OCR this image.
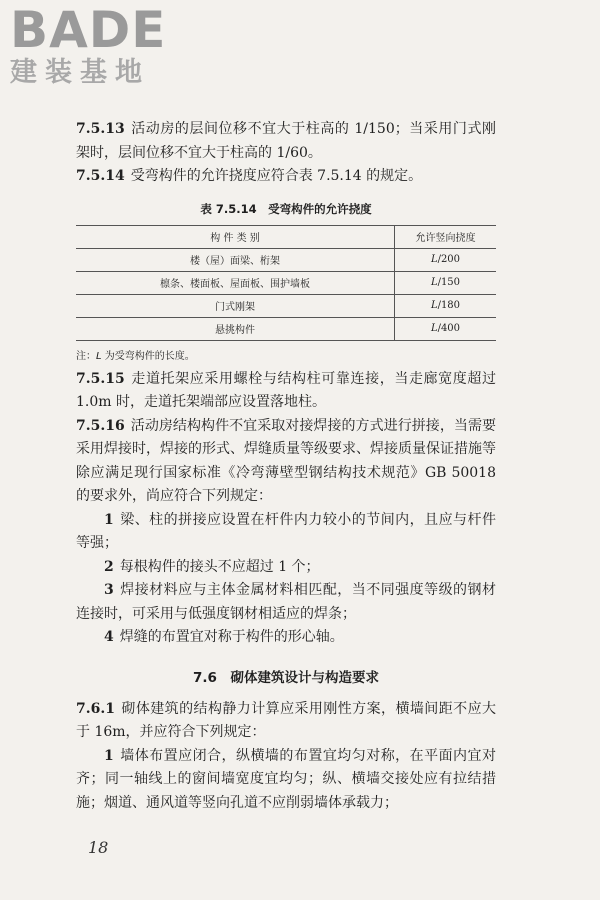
BADE
建装基地

7.5.13 活动房的层间位移不宜大于柱高的 1/150；当采用门式刚架时，层间位移不宜大于柱高的 1/60。

7.5.14 受弯构件的允许挠度应符合表 7.5.14 的规定。

表 7.5.14　受弯构件的允许挠度
构 件 类 别	允许竖向挠度
楼（屋）面梁、桁架	L/200
檩条、楼面板、屋面板、围护墙板	L/150
门式刚架	L/180
悬挑构件	L/400
注：L 为受弯构件的长度。

7.5.15 走道托架应采用螺栓与结构柱可靠连接，当走廊宽度超过 1.0m 时，走道托架端部应设置落地柱。

7.5.16 活动房结构构件不宜采取对接焊接的方式进行拼接，当需要采用焊接时，焊接的形式、焊缝质量等级要求、焊接质量保证措施等除应满足现行国家标准《冷弯薄壁型钢结构技术规范》GB 50018 的要求外，尚应符合下列规定：

1 梁、柱的拼接应设置在杆件内力较小的节间内，且应与杆件等强；

2 每根构件的接头不应超过 1 个；

3 焊接材料应与主体金属材料相匹配，当不同强度等级的钢材连接时，可采用与低强度钢材相适应的焊条；

4 焊缝的布置宜对称于构件的形心轴。

7.6　砌体建筑设计与构造要求

7.6.1 砌体建筑的结构静力计算应采用刚性方案，横墙间距不应大于 16m，并应符合下列规定：

1 墙体布置应闭合，纵横墙的布置宜均匀对称，在平面内宜对齐；同一轴线上的窗间墙宽度宜均匀；纵、横墙交接处应有拉结措施；烟道、通风道等竖向孔道不应削弱墙体承载力；

18
